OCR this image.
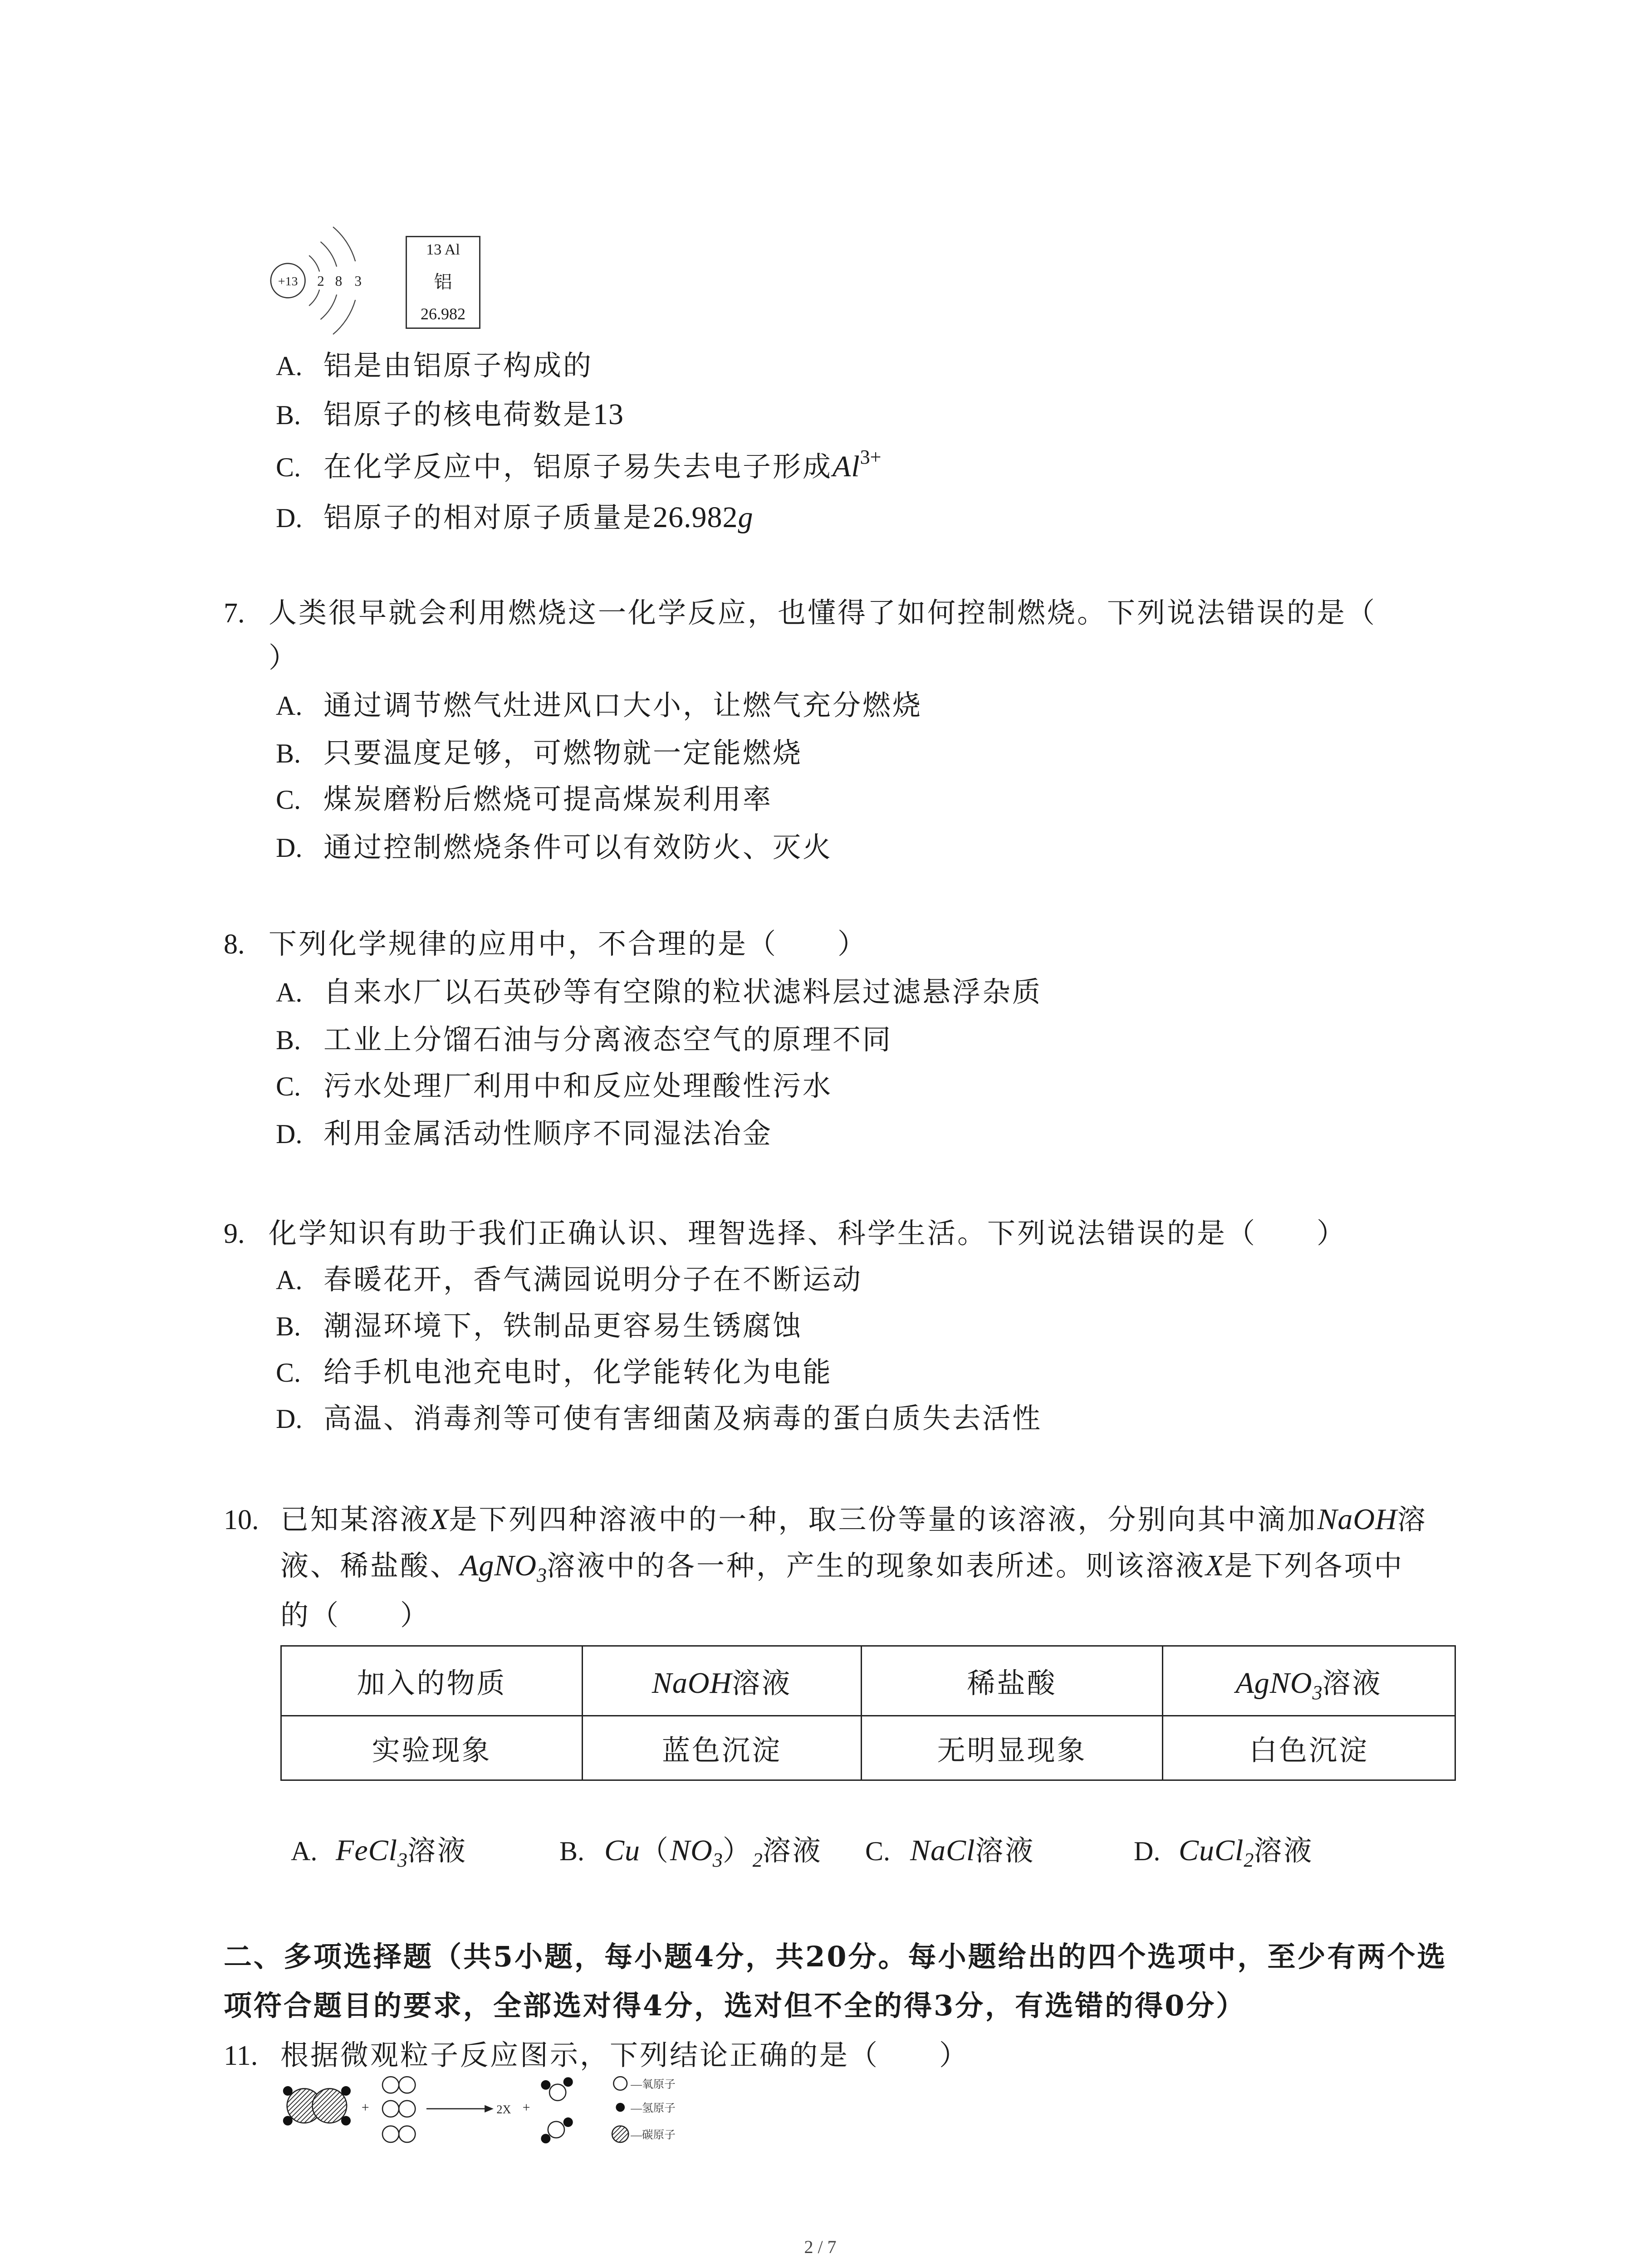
+13	2	8	3
13 Al
铝
26.982
A. 铝是由铝原子构成的
B. 铝原子的核电荷数是13
C. 在化学反应中，铝原子易失去电子形成$Al^{3+}$
D. 铝原子的相对原子质量是26.982g
7. 人类很早就会利用燃烧这一化学反应，也懂得了如何控制燃烧。下列说法错误的是（
）
A. 通过调节燃气灶进风口大小，让燃气充分燃烧
B. 只要温度足够，可燃物就一定能燃烧
C. 煤炭磨粉后燃烧可提高煤炭利用率
D. 通过控制燃烧条件可以有效防火、灭火
8. 下列化学规律的应用中，不合理的是（　　）
A. 自来水厂以石英砂等有空隙的粒状滤料层过滤悬浮杂质
B. 工业上分馏石油与分离液态空气的原理不同
C. 污水处理厂利用中和反应处理酸性污水
D. 利用金属活动性顺序不同湿法冶金
9. 化学知识有助于我们正确认识、理智选择、科学生活。下列说法错误的是（　　）
A. 春暖花开，香气满园说明分子在不断运动
B. 潮湿环境下，铁制品更容易生锈腐蚀
C. 给手机电池充电时，化学能转化为电能
D. 高温、消毒剂等可使有害细菌及病毒的蛋白质失去活性
10. 已知某溶液X是下列四种溶液中的一种，取三份等量的该溶液，分别向其中滴加NaOH溶
液、稀盐酸、AgNO$_3$溶液中的各一种，产生的现象如表所述。则该溶液X是下列各项中
的（　　）
加入的物质	NaOH溶液	稀盐酸	AgNO$_3$溶液
实验现象	蓝色沉淀	无明显现象	白色沉淀
A. FeCl$_3$溶液	B. $Cu(NO_3)_2$溶液 C. NaCl溶液	D. CuCl$_2$溶液
二、多项选择题（共5小题，每小题4分，共20分。每小题给出的四个选项中，至少有两个选
项符合题目的要求，全部选对得4分，选对但不全的得3分，有选错的得0分）
11. 根据微观粒子反应图示，下列结论正确的是（　　）
+	2X	+
—氧原子
—氢原子
—碳原子
2 / 7
